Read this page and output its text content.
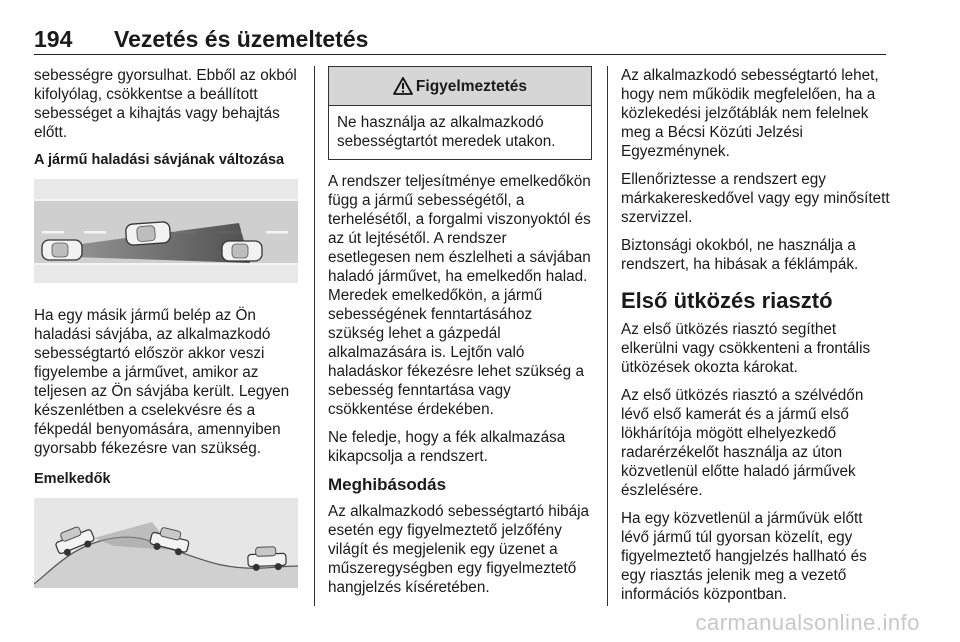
194 Vezetés és üzemeltetés

sebességre gyorsulhat. Ebből az okból kifolyólag, csökkentse a beállított sebességet a kihajtás vagy behajtás előtt.

A jármű haladási sávjának változása

Ha egy másik jármű belép az Ön haladási sávjába, az alkalmazkodó sebességtartó először akkor veszi figyelembe a járművet, amikor az teljesen az Ön sávjába került. Legyen készenlétben a cselekvésre és a fékpedál benyomására, amennyiben gyorsabb fékezésre van szükség.

Emelkedők
Figyelmeztetés
Ne használja az alkalmazkodó sebességtartót meredek utakon.

A rendszer teljesítménye emelkedőkön függ a jármű sebességétől, a terhelésétől, a forgalmi viszonyoktól és az út lejtésétől. A rendszer esetlegesen nem észlelheti a sávjában haladó járművet, ha emelkedőn halad. Meredek emelkedőkön, a jármű sebességének fenntartásához szükség lehet a gázpedál alkalmazására is. Lejtőn való haladáskor fékezésre lehet szükség a sebesség fenntartása vagy csökkentése érdekében.

Ne feledje, hogy a fék alkalmazása kikapcsolja a rendszert.

Meghibásodás

Az alkalmazkodó sebességtartó hibája esetén egy figyelmeztető jelzőfény világít és megjelenik egy üzenet a műszeregységben egy figyelmeztető hangjelzés kíséretében.

Az alkalmazkodó sebességtartó lehet, hogy nem működik megfelelően, ha a közlekedési jelzőtáblák nem felelnek meg a Bécsi Közúti Jelzési Egyezménynek.

Ellenőriztesse a rendszert egy márkakereskedővel vagy egy minősített szervizzel.

Biztonsági okokból, ne használja a rendszert, ha hibásak a féklámpák.

Első ütközés riasztó

Az első ütközés riasztó segíthet elkerülni vagy csökkenteni a frontális ütközések okozta károkat.

Az első ütközés riasztó a szélvédőn lévő első kamerát és a jármű első lökhárítója mögött elhelyezkedő radarérzékelőt használja az úton közvetlenül előtte haladó járművek észlelésére.

Ha egy közvetlenül a járművük előtt lévő jármű túl gyorsan közelít, egy figyelmeztető hangjelzés hallható és egy riasztás jelenik meg a vezető információs központban.

carmanualsonline.info
